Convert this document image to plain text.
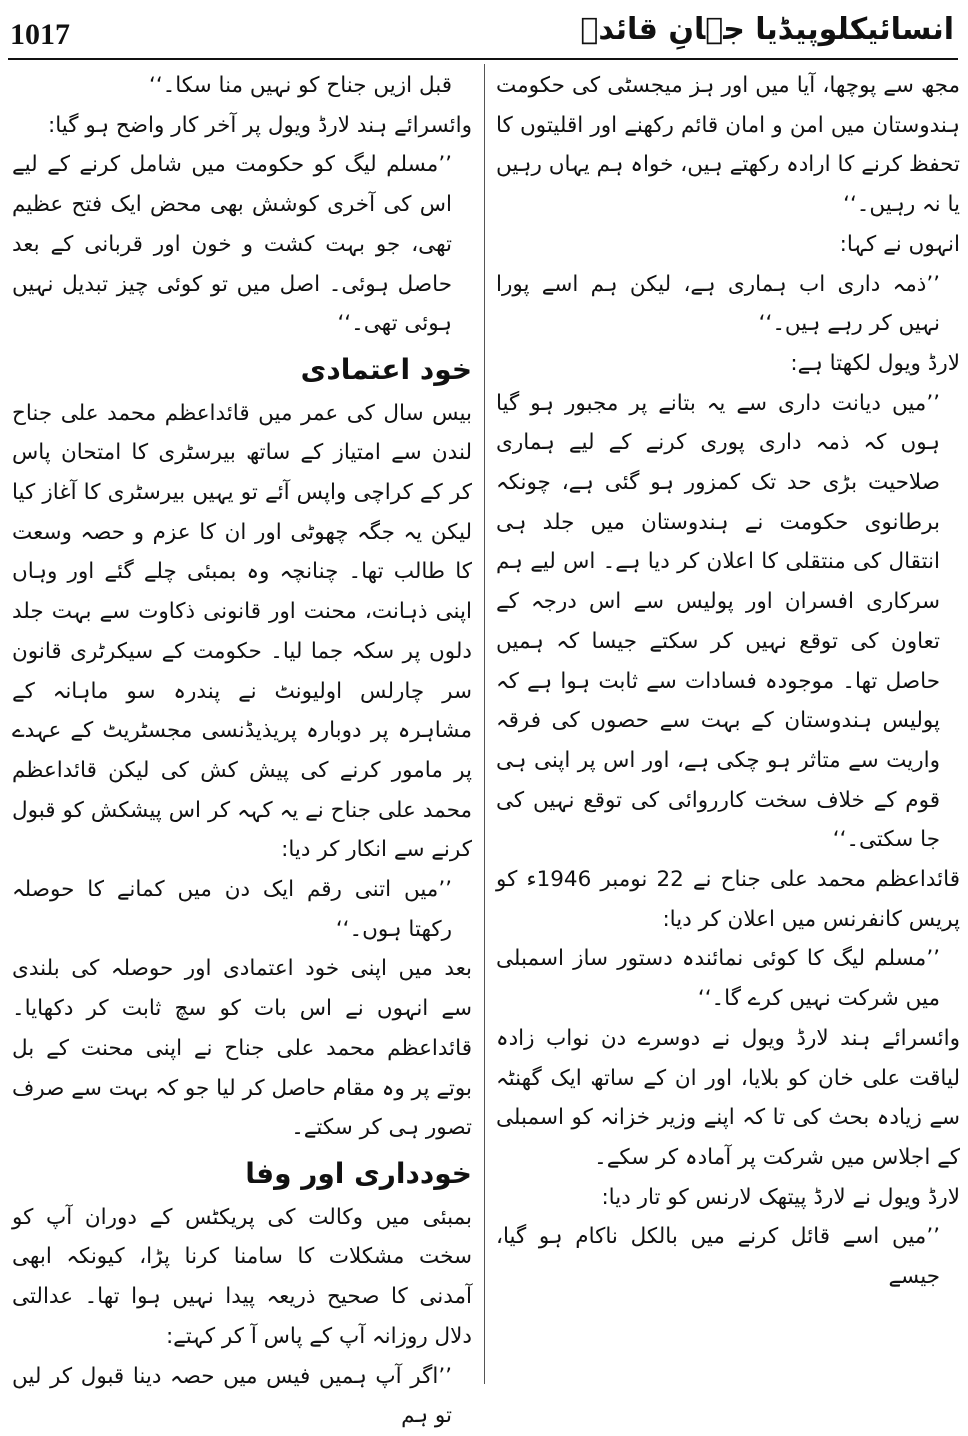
1017	انسائیکلوپیڈیا جہانِ قائدؒ

مجھ سے پوچھا، آیا میں اور ہز میجسٹی کی حکومت ہندوستان میں امن و امان قائم رکھنے اور اقلیتوں کا تحفظ کرنے کا ارادہ رکھتے ہیں، خواہ ہم یہاں رہیں یا نہ رہیں۔‘‘

انہوں نے کہا:

’’ذمہ داری اب ہماری ہے، لیکن ہم اسے پورا نہیں کر رہے ہیں۔‘‘

لارڈ ویول لکھتا ہے:

’’میں دیانت داری سے یہ بتانے پر مجبور ہو گیا ہوں کہ ذمہ داری پوری کرنے کے لیے ہماری صلاحیت بڑی حد تک کمزور ہو گئی ہے، چونکہ برطانوی حکومت نے ہندوستان میں جلد ہی انتقال کی منتقلی کا اعلان کر دیا ہے۔ اس لیے ہم سرکاری افسران اور پولیس سے اس درجہ کے تعاون کی توقع نہیں کر سکتے جیسا کہ ہمیں حاصل تھا۔ موجودہ فسادات سے ثابت ہوا ہے کہ پولیس ہندوستان کے بہت سے حصوں کی فرقہ واریت سے متاثر ہو چکی ہے، اور اس پر اپنی ہی قوم کے خلاف سخت کارروائی کی توقع نہیں کی جا سکتی۔‘‘

قائداعظم محمد علی جناح نے 22 نومبر 1946ء کو پریس کانفرنس میں اعلان کر دیا:

’’مسلم لیگ کا کوئی نمائندہ دستور ساز اسمبلی میں شرکت نہیں کرے گا۔‘‘

وائسرائے ہند لارڈ ویول نے دوسرے دن نواب زادہ لیاقت علی خان کو بلایا، اور ان کے ساتھ ایک گھنٹہ سے زیادہ بحث کی تا کہ اپنے وزیر خزانہ کو اسمبلی کے اجلاس میں شرکت پر آمادہ کر سکے۔

لارڈ ویول نے لارڈ پیتھک لارنس کو تار دیا:

’’میں اسے قائل کرنے میں بالکل ناکام ہو گیا، جیسے

قبل ازیں جناح کو نہیں منا سکا۔‘‘

وائسرائے ہند لارڈ ویول پر آخر کار واضح ہو گیا:

’’مسلم لیگ کو حکومت میں شامل کرنے کے لیے اس کی آخری کوشش بھی محض ایک فتح عظیم تھی، جو بہت کشت و خون اور قربانی کے بعد حاصل ہوئی۔ اصل میں تو کوئی چیز تبدیل نہیں ہوئی تھی۔‘‘

خود اعتمادی

بیس سال کی عمر میں قائداعظم محمد علی جناح لندن سے امتیاز کے ساتھ بیرسٹری کا امتحان پاس کر کے کراچی واپس آئے تو یہیں بیرسٹری کا آغاز کیا لیکن یہ جگہ چھوٹی اور ان کا عزم و حصہ وسعت کا طالب تھا۔ چنانچہ وہ بمبئی چلے گئے اور وہاں اپنی ذہانت، محنت اور قانونی ذکاوت سے بہت جلد دلوں پر سکہ جما لیا۔ حکومت کے سیکرٹری قانون سر چارلس اولیونٹ نے پندرہ سو ماہانہ کے مشاہرہ پر دوبارہ پریذیڈنسی مجسٹریٹ کے عہدے پر مامور کرنے کی پیش کش کی لیکن قائداعظم محمد علی جناح نے یہ کہہ کر اس پیشکش کو قبول کرنے سے انکار کر دیا:

’’میں اتنی رقم ایک دن میں کمانے کا حوصلہ رکھتا ہوں۔‘‘

بعد میں اپنی خود اعتمادی اور حوصلہ کی بلندی سے انہوں نے اس بات کو سچ ثابت کر دکھایا۔ قائداعظم محمد علی جناح نے اپنی محنت کے بل بوتے پر وہ مقام حاصل کر لیا جو کہ بہت سے صرف تصور ہی کر سکتے۔

خودداری اور وفا

بمبئی میں وکالت کی پریکٹس کے دوران آپ کو سخت مشکلات کا سامنا کرنا پڑا، کیونکہ ابھی آمدنی کا صحیح ذریعہ پیدا نہیں ہوا تھا۔ عدالتی دلال روزانہ آپ کے پاس آ کر کہتے:

’’اگر آپ ہمیں فیس میں حصہ دینا قبول کر لیں تو ہم
